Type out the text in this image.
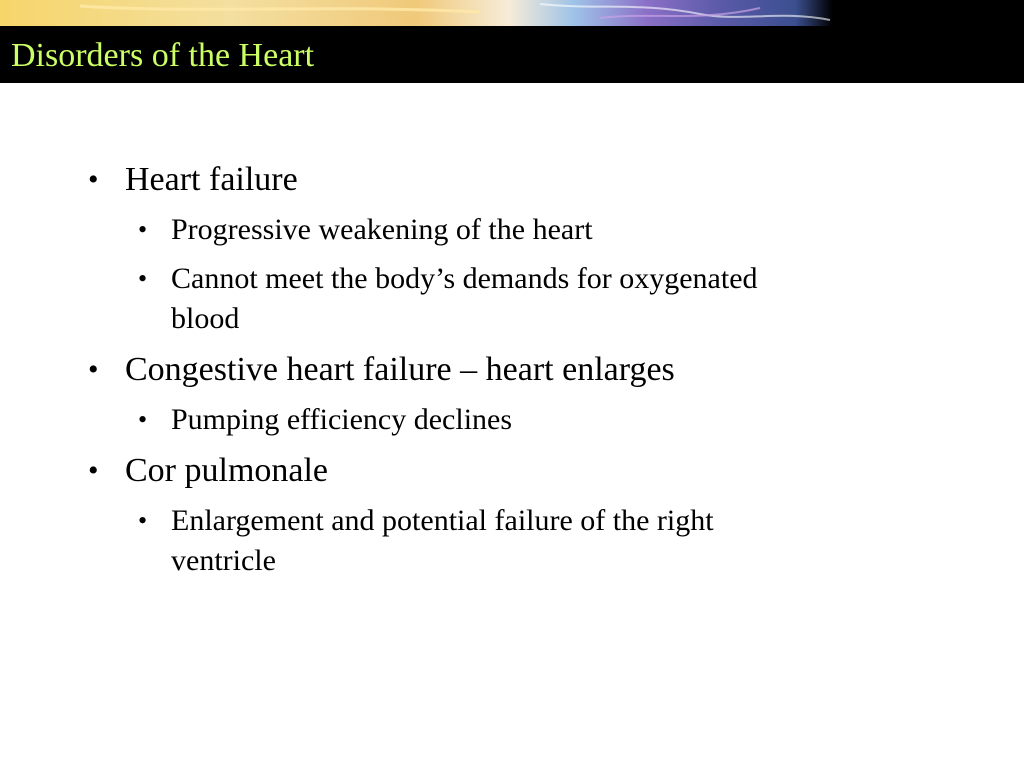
Disorders of the Heart
• Heart failure
• Progressive weakening of the heart
• Cannot meet the body’s demands for oxygenated
blood
• Congestive heart failure – heart enlarges
• Pumping efficiency declines
• Cor pulmonale
• Enlargement and potential failure of the right
ventricle
